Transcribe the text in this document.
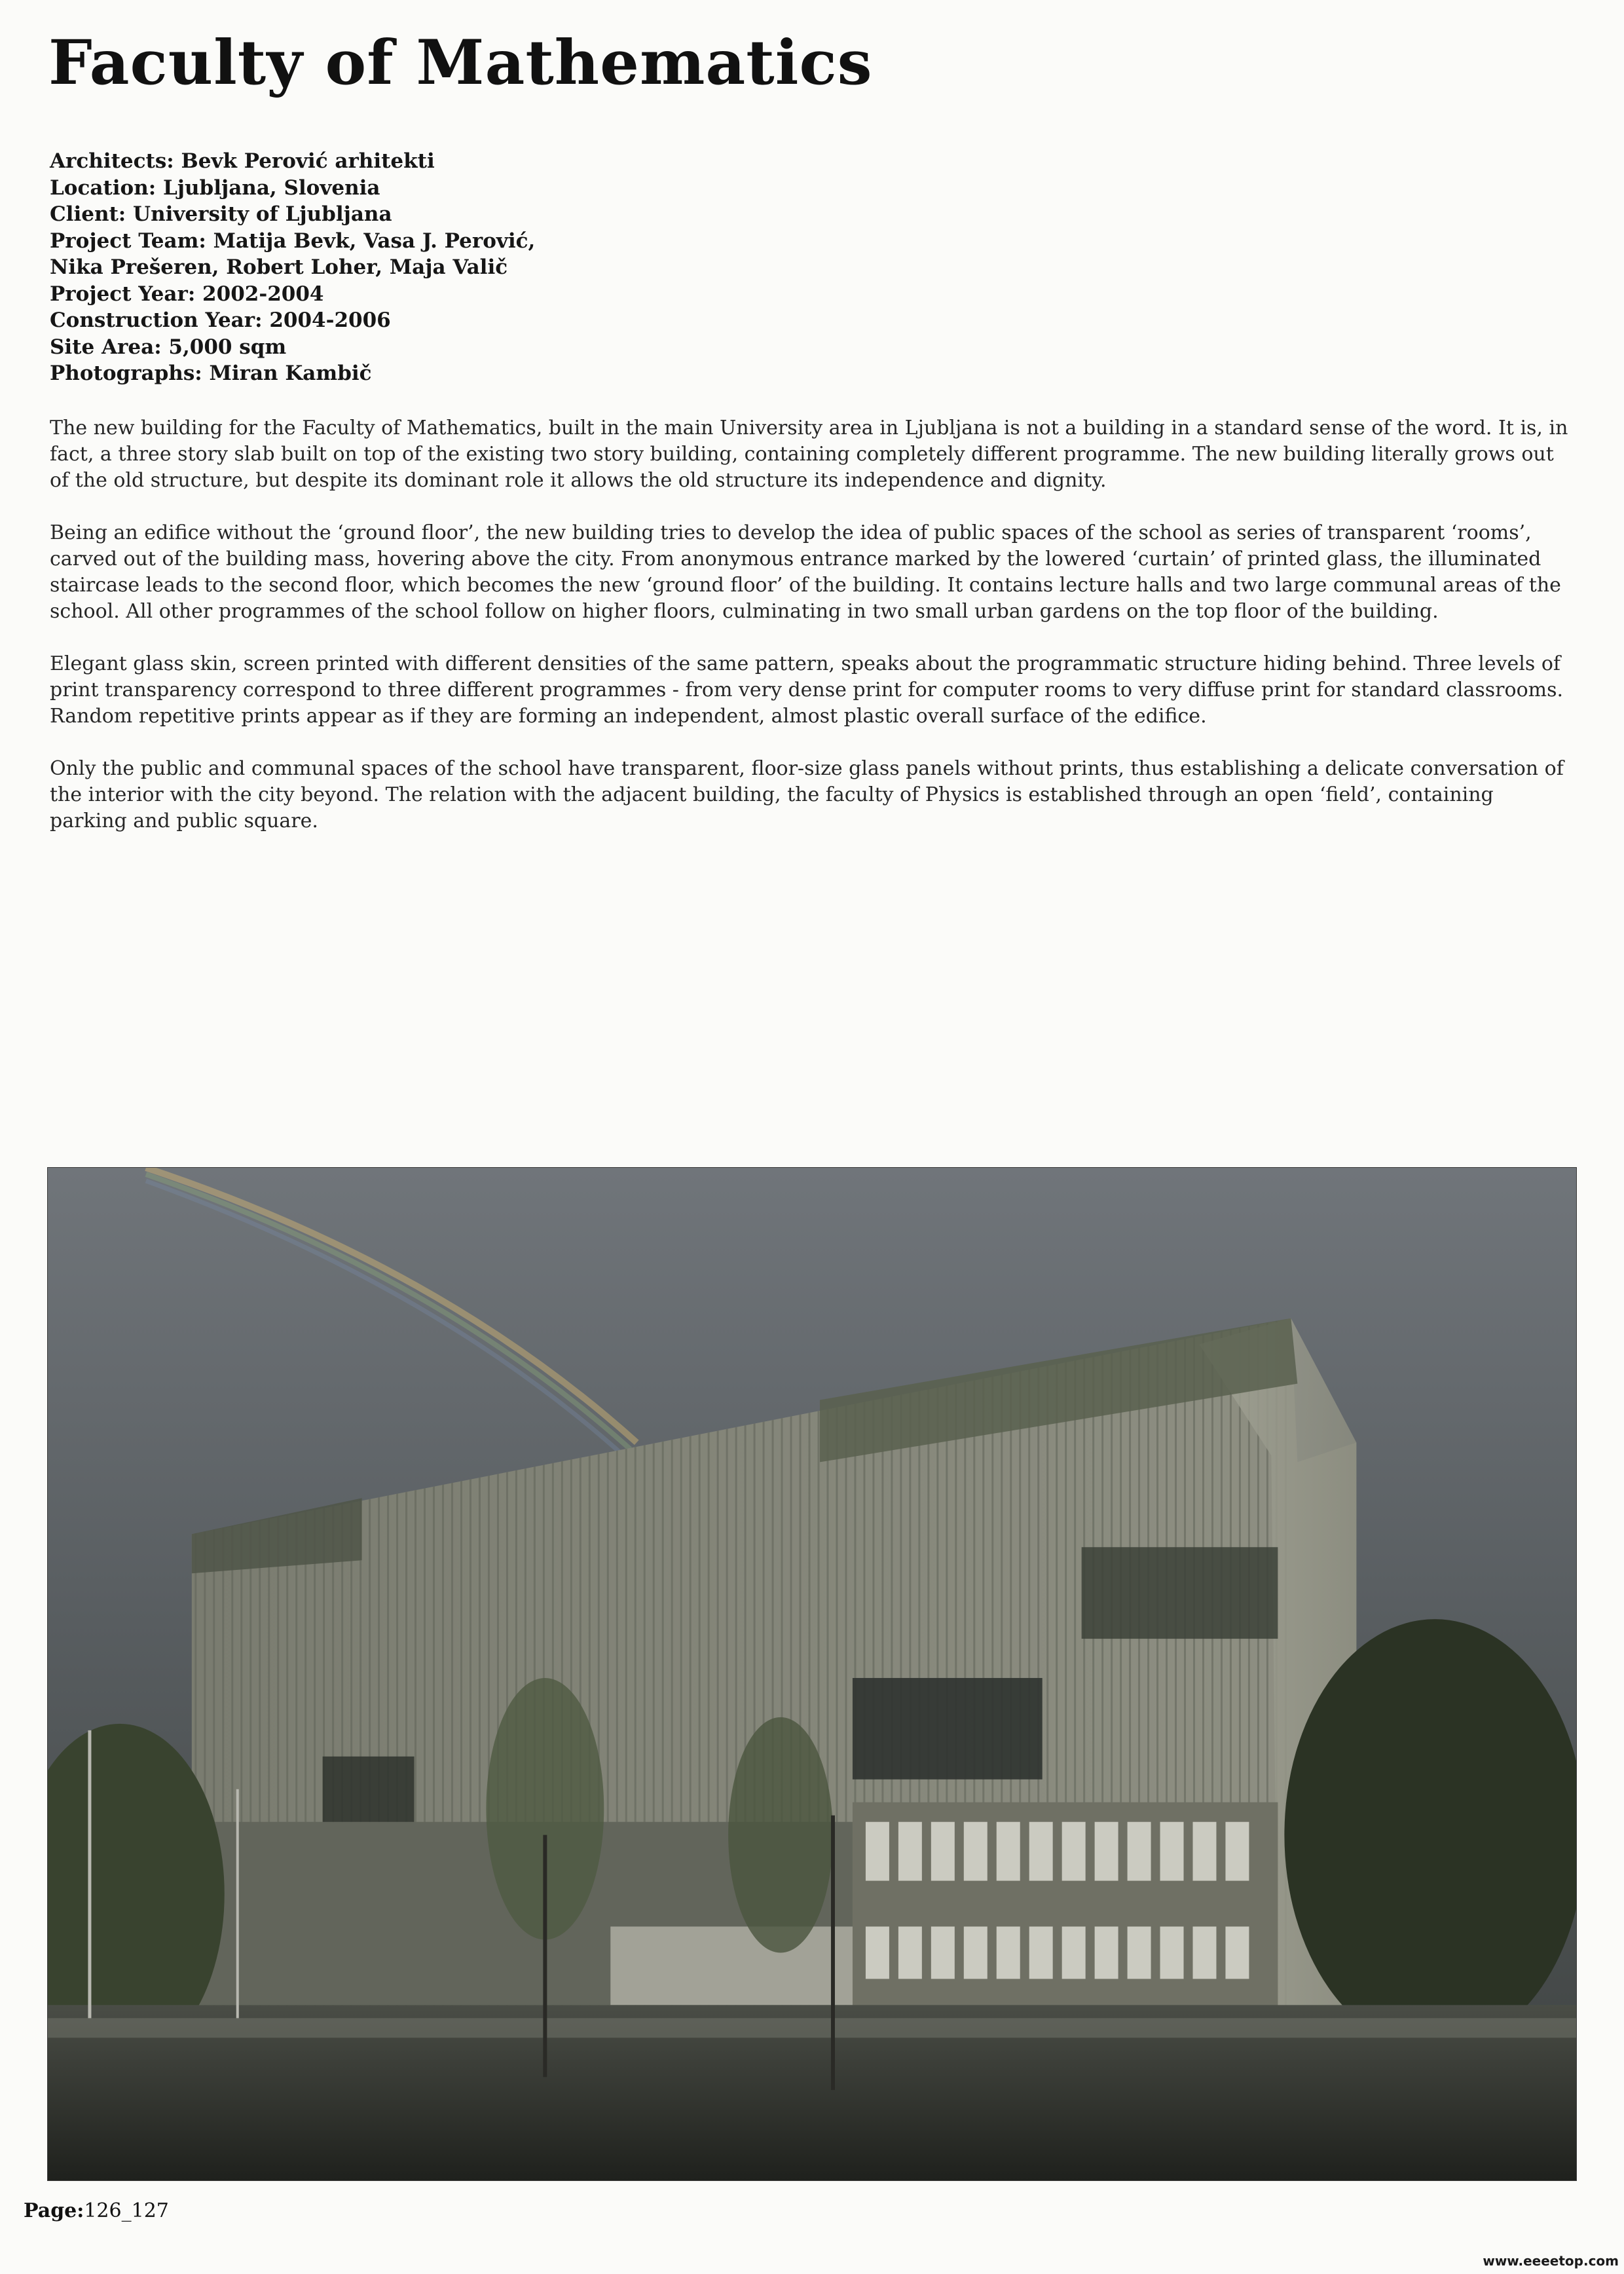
Faculty of Mathematics
Architects: Bevk Perović arhitekti
Location: Ljubljana, Slovenia
Client: University of Ljubljana
Project Team: Matija Bevk, Vasa J. Perović,
Nika Prešeren, Robert Loher, Maja Valič
Project Year: 2002-2004
Construction Year: 2004-2006
Site Area: 5,000 sqm
Photographs: Miran Kambič

The new building for the Faculty of Mathematics, built in the main University area in Ljubljana is not a building in a standard sense of the word. It is, in fact, a three story slab built on top of the existing two story building, containing completely different programme. The new building literally grows out of the old structure, but despite its dominant role it allows the old structure its independence and dignity.

Being an edifice without the ‘ground floor’, the new building tries to develop the idea of public spaces of the school as series of transparent ‘rooms’, carved out of the building mass, hovering above the city. From anonymous entrance marked by the lowered ‘curtain’ of printed glass, the illuminated staircase leads to the second floor, which becomes the new ‘ground floor’ of the building. It contains lecture halls and two large communal areas of the school. All other programmes of the school follow on higher floors, culminating in two small urban gardens on the top floor of the building.

Elegant glass skin, screen printed with different densities of the same pattern, speaks about the programmatic structure hiding behind. Three levels of print transparency correspond to three different programmes - from very dense print for computer rooms to very diffuse print for standard classrooms. Random repetitive prints appear as if they are forming an independent, almost plastic overall surface of the edifice.

Only the public and communal spaces of the school have transparent, floor-size glass panels without prints, thus establishing a delicate conversation of the interior with the city beyond. The relation with the adjacent building, the faculty of Physics is established through an open ‘field’, containing parking and public square.

Page:126_127
www.eeeetop.com
